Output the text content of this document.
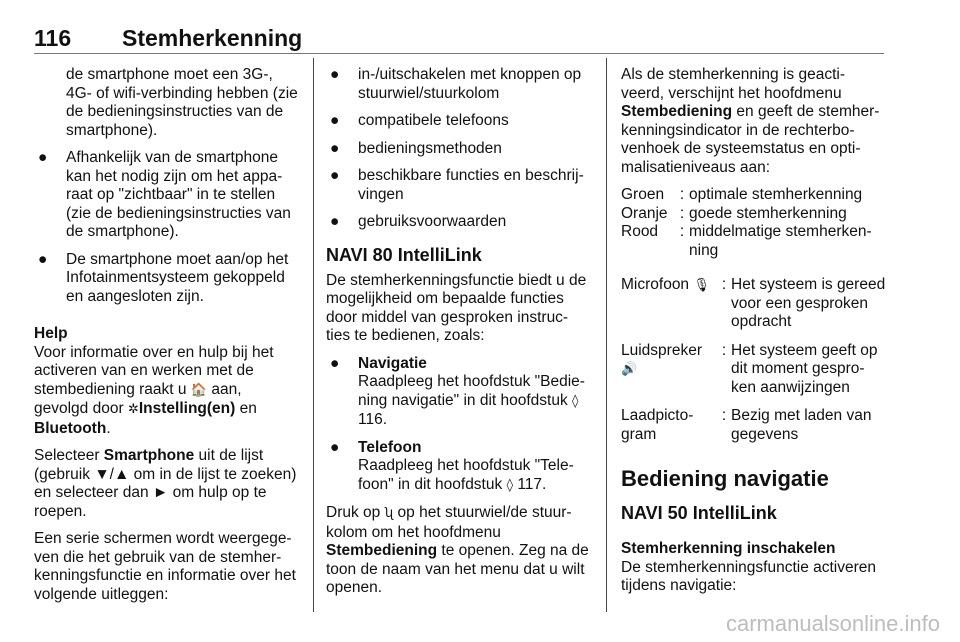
116 Stemherkenning

de smartphone moet een 3G-, 4G- of wifi-verbinding hebben (zie de bedieningsinstructies van de smartphone).

● Afhankelijk van de smartphone kan het nodig zijn om het appa-raat op "zichtbaar" in te stellen (zie de bedieningsinstructies van de smartphone).
● De smartphone moet aan/op het Infotainmentsysteem gekoppeld en aangesloten zijn.

Help

Voor informatie over en hulp bij het activeren van en werken met de stembediening raakt u 🏠 aan, gevolgd door ✲Instelling(en) en Bluetooth.

Selecteer Smartphone uit de lijst (gebruik ▼/▲ om in de lijst te zoeken) en selecteer dan ► om hulp op te roepen.

Een serie schermen wordt weergege-ven die het gebruik van de stemher-kenningsfunctie en informatie over het volgende uitleggen:

● in-/uitschakelen met knoppen op stuurwiel/stuurkolom
● compatibele telefoons
● bedieningsmethoden
● beschikbare functies en beschrij-vingen
● gebruiksvoorwaarden

NAVI 80 IntelliLink

De stemherkenningsfunctie biedt u de mogelijkheid om bepaalde functies door middel van gesproken instruc-ties te bedienen, zoals:

● Navigatie

Raadpleeg het hoofdstuk "Bedie-ning navigatie" in dit hoofdstuk ◊ 116.

● Telefoon

Raadpleeg het hoofdstuk "Tele-foon" in dit hoofdstuk ◊ 117.

Druk op ʯ op het stuurwiel/de stuur-kolom om het hoofdmenu Stembediening te openen. Zeg na de toon de naam van het menu dat u wilt openen.

Als de stemherkenning is geacti-veerd, verschijnt het hoofdmenu Stembediening en geeft de stemher-kenningsindicator in de rechterbo-venhoek de systeemstatus en opti-malisatieniveaus aan:

Groen	: optimale stemherkenning
Oranje : goede stemherkenning
Rood	: middelmatige stemherken-ning
Microfoon 🎙 : Het systeem is gereed voor een gesproken opdracht
Luidspreker
🔊
: Het systeem geeft op dit moment gespro-ken aanwijzingen
Laadpicto-gram
: Bezig met laden van gegevens

Bediening navigatie

NAVI 50 IntelliLink

Stemherkenning inschakelen

De stemherkenningsfunctie activeren tijdens navigatie:

carmanualsonline.info
